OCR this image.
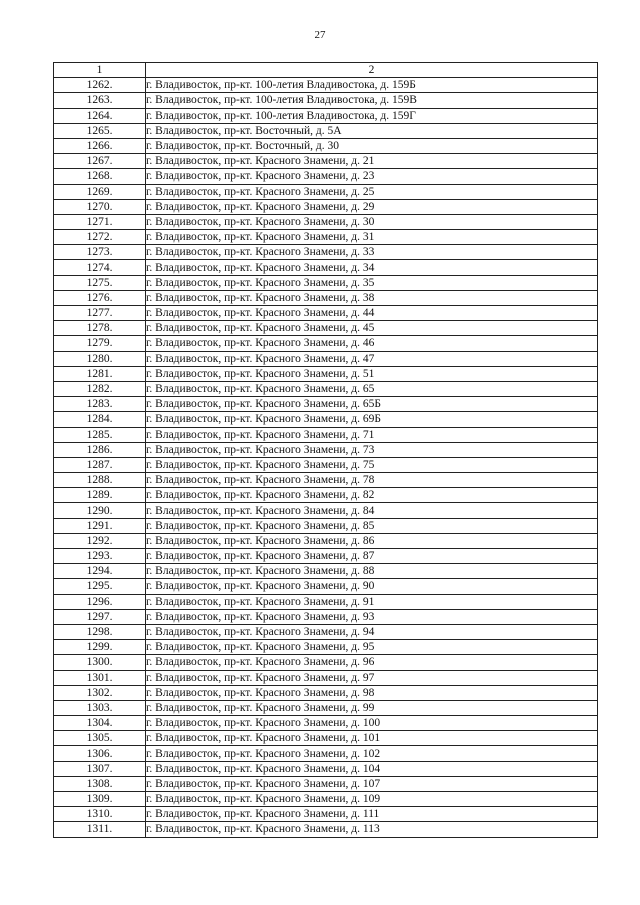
27
1	2
1262.	г. Владивосток, пр-кт. 100-летия Владивостока, д. 159Б
1263.	г. Владивосток, пр-кт. 100-летия Владивостока, д. 159В
1264.	г. Владивосток, пр-кт. 100-летия Владивостока, д. 159Г
1265.	г. Владивосток, пр-кт. Восточный, д. 5А
1266.	г. Владивосток, пр-кт. Восточный, д. 30
1267.	г. Владивосток, пр-кт. Красного Знамени, д. 21
1268.	г. Владивосток, пр-кт. Красного Знамени, д. 23
1269.	г. Владивосток, пр-кт. Красного Знамени, д. 25
1270.	г. Владивосток, пр-кт. Красного Знамени, д. 29
1271.	г. Владивосток, пр-кт. Красного Знамени, д. 30
1272.	г. Владивосток, пр-кт. Красного Знамени, д. 31
1273.	г. Владивосток, пр-кт. Красного Знамени, д. 33
1274.	г. Владивосток, пр-кт. Красного Знамени, д. 34
1275.	г. Владивосток, пр-кт. Красного Знамени, д. 35
1276.	г. Владивосток, пр-кт. Красного Знамени, д. 38
1277.	г. Владивосток, пр-кт. Красного Знамени, д. 44
1278.	г. Владивосток, пр-кт. Красного Знамени, д. 45
1279.	г. Владивосток, пр-кт. Красного Знамени, д. 46
1280.	г. Владивосток, пр-кт. Красного Знамени, д. 47
1281.	г. Владивосток, пр-кт. Красного Знамени, д. 51
1282.	г. Владивосток, пр-кт. Красного Знамени, д. 65
1283.	г. Владивосток, пр-кт. Красного Знамени, д. 65Б
1284.	г. Владивосток, пр-кт. Красного Знамени, д. 69Б
1285.	г. Владивосток, пр-кт. Красного Знамени, д. 71
1286.	г. Владивосток, пр-кт. Красного Знамени, д. 73
1287.	г. Владивосток, пр-кт. Красного Знамени, д. 75
1288.	г. Владивосток, пр-кт. Красного Знамени, д. 78
1289.	г. Владивосток, пр-кт. Красного Знамени, д. 82
1290.	г. Владивосток, пр-кт. Красного Знамени, д. 84
1291.	г. Владивосток, пр-кт. Красного Знамени, д. 85
1292.	г. Владивосток, пр-кт. Красного Знамени, д. 86
1293.	г. Владивосток, пр-кт. Красного Знамени, д. 87
1294.	г. Владивосток, пр-кт. Красного Знамени, д. 88
1295.	г. Владивосток, пр-кт. Красного Знамени, д. 90
1296.	г. Владивосток, пр-кт. Красного Знамени, д. 91
1297.	г. Владивосток, пр-кт. Красного Знамени, д. 93
1298.	г. Владивосток, пр-кт. Красного Знамени, д. 94
1299.	г. Владивосток, пр-кт. Красного Знамени, д. 95
1300.	г. Владивосток, пр-кт. Красного Знамени, д. 96
1301.	г. Владивосток, пр-кт. Красного Знамени, д. 97
1302.	г. Владивосток, пр-кт. Красного Знамени, д. 98
1303.	г. Владивосток, пр-кт. Красного Знамени, д. 99
1304.	г. Владивосток, пр-кт. Красного Знамени, д. 100
1305.	г. Владивосток, пр-кт. Красного Знамени, д. 101
1306.	г. Владивосток, пр-кт. Красного Знамени, д. 102
1307.	г. Владивосток, пр-кт. Красного Знамени, д. 104
1308.	г. Владивосток, пр-кт. Красного Знамени, д. 107
1309.	г. Владивосток, пр-кт. Красного Знамени, д. 109
1310.	г. Владивосток, пр-кт. Красного Знамени, д. 111
1311.	г. Владивосток, пр-кт. Красного Знамени, д. 113
